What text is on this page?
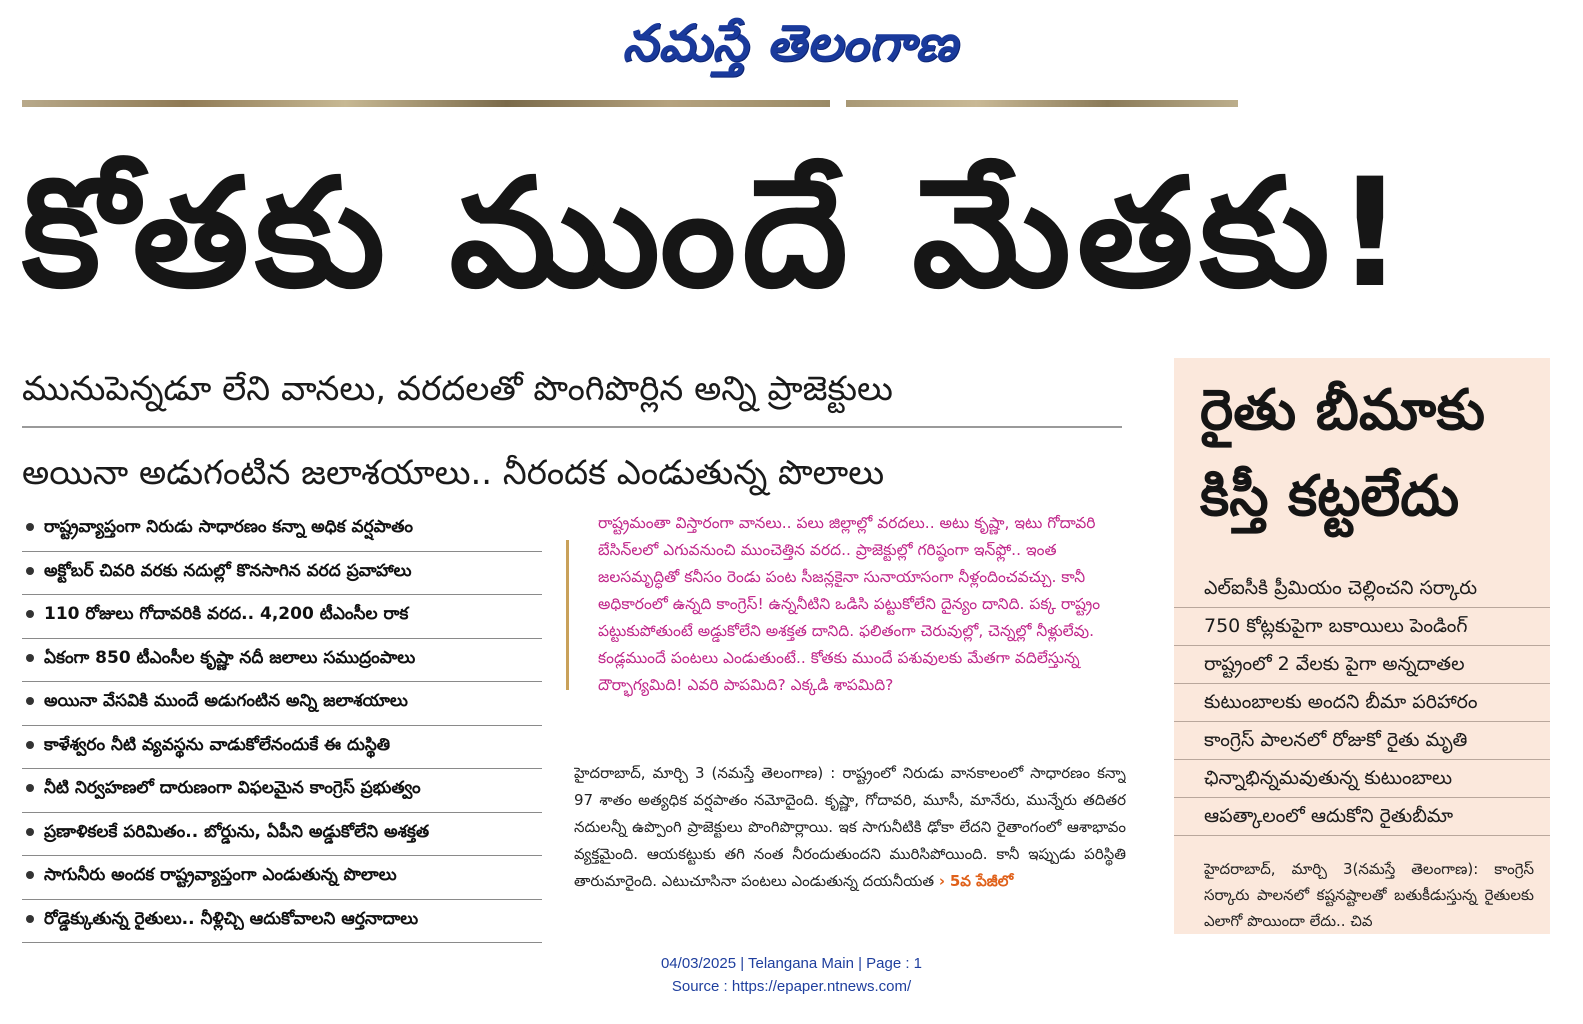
నమస్తే తెలంగాణ
కోతకు ముందే మేతకు!
మునుపెన్నడూ లేని వానలు, వరదలతో పొంగిపొర్లిన అన్ని ప్రాజెక్టులు
అయినా అడుగంటిన జలాశయాలు.. నీరందక ఎండుతున్న పొలాలు
రాష్ట్రవ్యాప్తంగా నిరుడు సాధారణం కన్నా అధిక వర్షపాతం
అక్టోబర్ చివరి వరకు నదుల్లో కొనసాగిన వరద ప్రవాహాలు
110 రోజులు గోదావరికి వరద.. 4,200 టీఎంసీల రాక
ఏకంగా 850 టీఎంసీల కృష్ణా నదీ జలాలు సముద్రంపాలు
అయినా వేసవికి ముందే అడుగంటిన అన్ని జలాశయాలు
కాళేశ్వరం నీటి వ్యవస్థను వాడుకోలేనందుకే ఈ దుస్థితి
నీటి నిర్వహణలో దారుణంగా విఫలమైన కాంగ్రెస్ ప్రభుత్వం
ప్రణాళికలకే పరిమితం.. బోర్డును, ఏపీని అడ్డుకోలేని అశక్తత
సాగునీరు అందక రాష్ట్రవ్యాప్తంగా ఎండుతున్న పొలాలు
రోడ్డెక్కుతున్న రైతులు.. నీళ్లిచ్చి ఆదుకోవాలని ఆర్తనాదాలు
రాష్ట్రమంతా విస్తారంగా వానలు.. పలు జిల్లాల్లో వరదలు.. అటు కృష్ణా, ఇటు గోదావరి బేసిన్‌లలో ఎగువనుంచి ముంచెత్తిన వరద.. ప్రాజెక్టుల్లో గరిష్ఠంగా ఇన్‌ఫ్లో.. ఇంత జలసమృద్ధితో కనీసం రెండు పంట సీజన్లకైనా సునాయాసంగా నీళ్లందించవచ్చు. కానీ అధికారంలో ఉన్నది కాంగ్రెస్! ఉన్ననీటిని ఒడిసి పట్టుకోలేని దైన్యం దానిది. పక్క రాష్ట్రం పట్టుకుపోతుంటే అడ్డుకోలేని అశక్తత దానిది. ఫలితంగా చెరువుల్లో, చెన్నల్లో నీళ్లులేవు. కండ్లముందే పంటలు ఎండుతుంటే.. కోతకు ముందే పశువులకు మేతగా వదిలేస్తున్న దౌర్భాగ్యమిది! ఎవరి పాపమిది? ఎక్కడి శాపమిది?
హైదరాబాద్, మార్చి 3 (నమస్తే తెలంగాణ) : రాష్ట్రంలో నిరుడు వానకాలంలో సాధారణం కన్నా 97 శాతం అత్యధిక వర్షపాతం నమోదైంది. కృష్ణా, గోదావరి, మూసీ, మానేరు, మున్నేరు తదితర నదులన్నీ ఉప్పొంగి ప్రాజెక్టులు పొంగిపొర్లాయి. ఇక సాగునీటికి ఢోకా లేదని రైతాంగంలో ఆశాభావం వ్యక్తమైంది. ఆయకట్టుకు తగి నంత నీరందుతుందని మురిసిపోయింది. కానీ ఇప్పుడు పరిస్థితి తారుమారైంది. ఎటుచూసినా పంటలు ఎండుతున్న దయనీయత › 5వ పేజీలో
రైతు బీమాకు
కిస్తీ కట్టలేదు
ఎల్ఐసీకి ప్రీమియం చెల్లించని సర్కారు
750 కోట్లకుపైగా బకాయిలు పెండింగ్
రాష్ట్రంలో 2 వేలకు పైగా అన్నదాతల
కుటుంబాలకు అందని బీమా పరిహారం
కాంగ్రెస్ పాలనలో రోజుకో రైతు మృతి
ఛిన్నాభిన్నమవుతున్న కుటుంబాలు
ఆపత్కాలంలో ఆదుకోని రైతుబీమా
హైదరాబాద్, మార్చి 3(నమస్తే తెలంగాణ): కాంగ్రెస్ సర్కారు పాలనలో కష్టనష్టాలతో బతుకీడుస్తున్న రైతులకు ఎలాగో పొయిందా లేదు.. చివ
04/03/2025 | Telangana Main | Page : 1
Source : https://epaper.ntnews.com/
